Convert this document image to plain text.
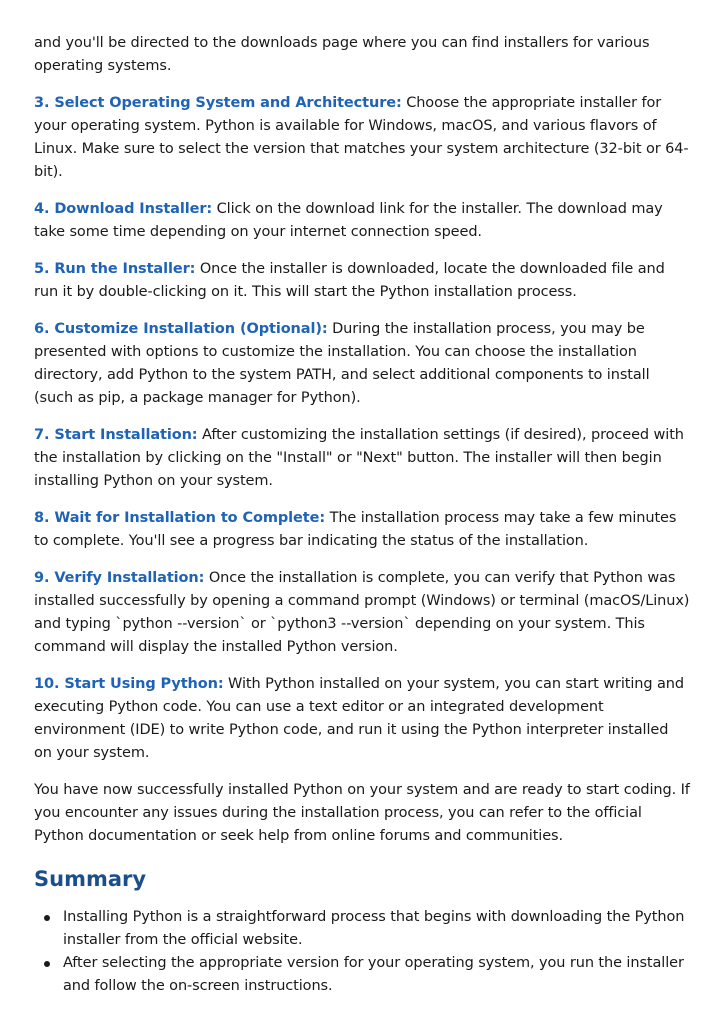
and you'll be directed to the downloads page where you can find installers for various operating systems.

3. Select Operating System and Architecture: Choose the appropriate installer for your operating system. Python is available for Windows, macOS, and various flavors of Linux. Make sure to select the version that matches your system architecture (32-bit or 64-bit).

4. Download Installer: Click on the download link for the installer. The download may take some time depending on your internet connection speed.

5. Run the Installer: Once the installer is downloaded, locate the downloaded file and run it by double-clicking on it. This will start the Python installation process.

6. Customize Installation (Optional): During the installation process, you may be presented with options to customize the installation. You can choose the installation directory, add Python to the system PATH, and select additional components to install (such as pip, a package manager for Python).

7. Start Installation: After customizing the installation settings (if desired), proceed with the installation by clicking on the "Install" or "Next" button. The installer will then begin installing Python on your system.

8. Wait for Installation to Complete: The installation process may take a few minutes to complete. You'll see a progress bar indicating the status of the installation.

9. Verify Installation: Once the installation is complete, you can verify that Python was installed successfully by opening a command prompt (Windows) or terminal (macOS/Linux) and typing `python --version` or `python3 --version` depending on your system. This command will display the installed Python version.

10. Start Using Python: With Python installed on your system, you can start writing and executing Python code. You can use a text editor or an integrated development environment (IDE) to write Python code, and run it using the Python interpreter installed on your system.

You have now successfully installed Python on your system and are ready to start coding. If you encounter any issues during the installation process, you can refer to the official Python documentation or seek help from online forums and communities.

Summary
Installing Python is a straightforward process that begins with downloading the Python installer from the official website.
After selecting the appropriate version for your operating system, you run the installer and follow the on-screen instructions.
